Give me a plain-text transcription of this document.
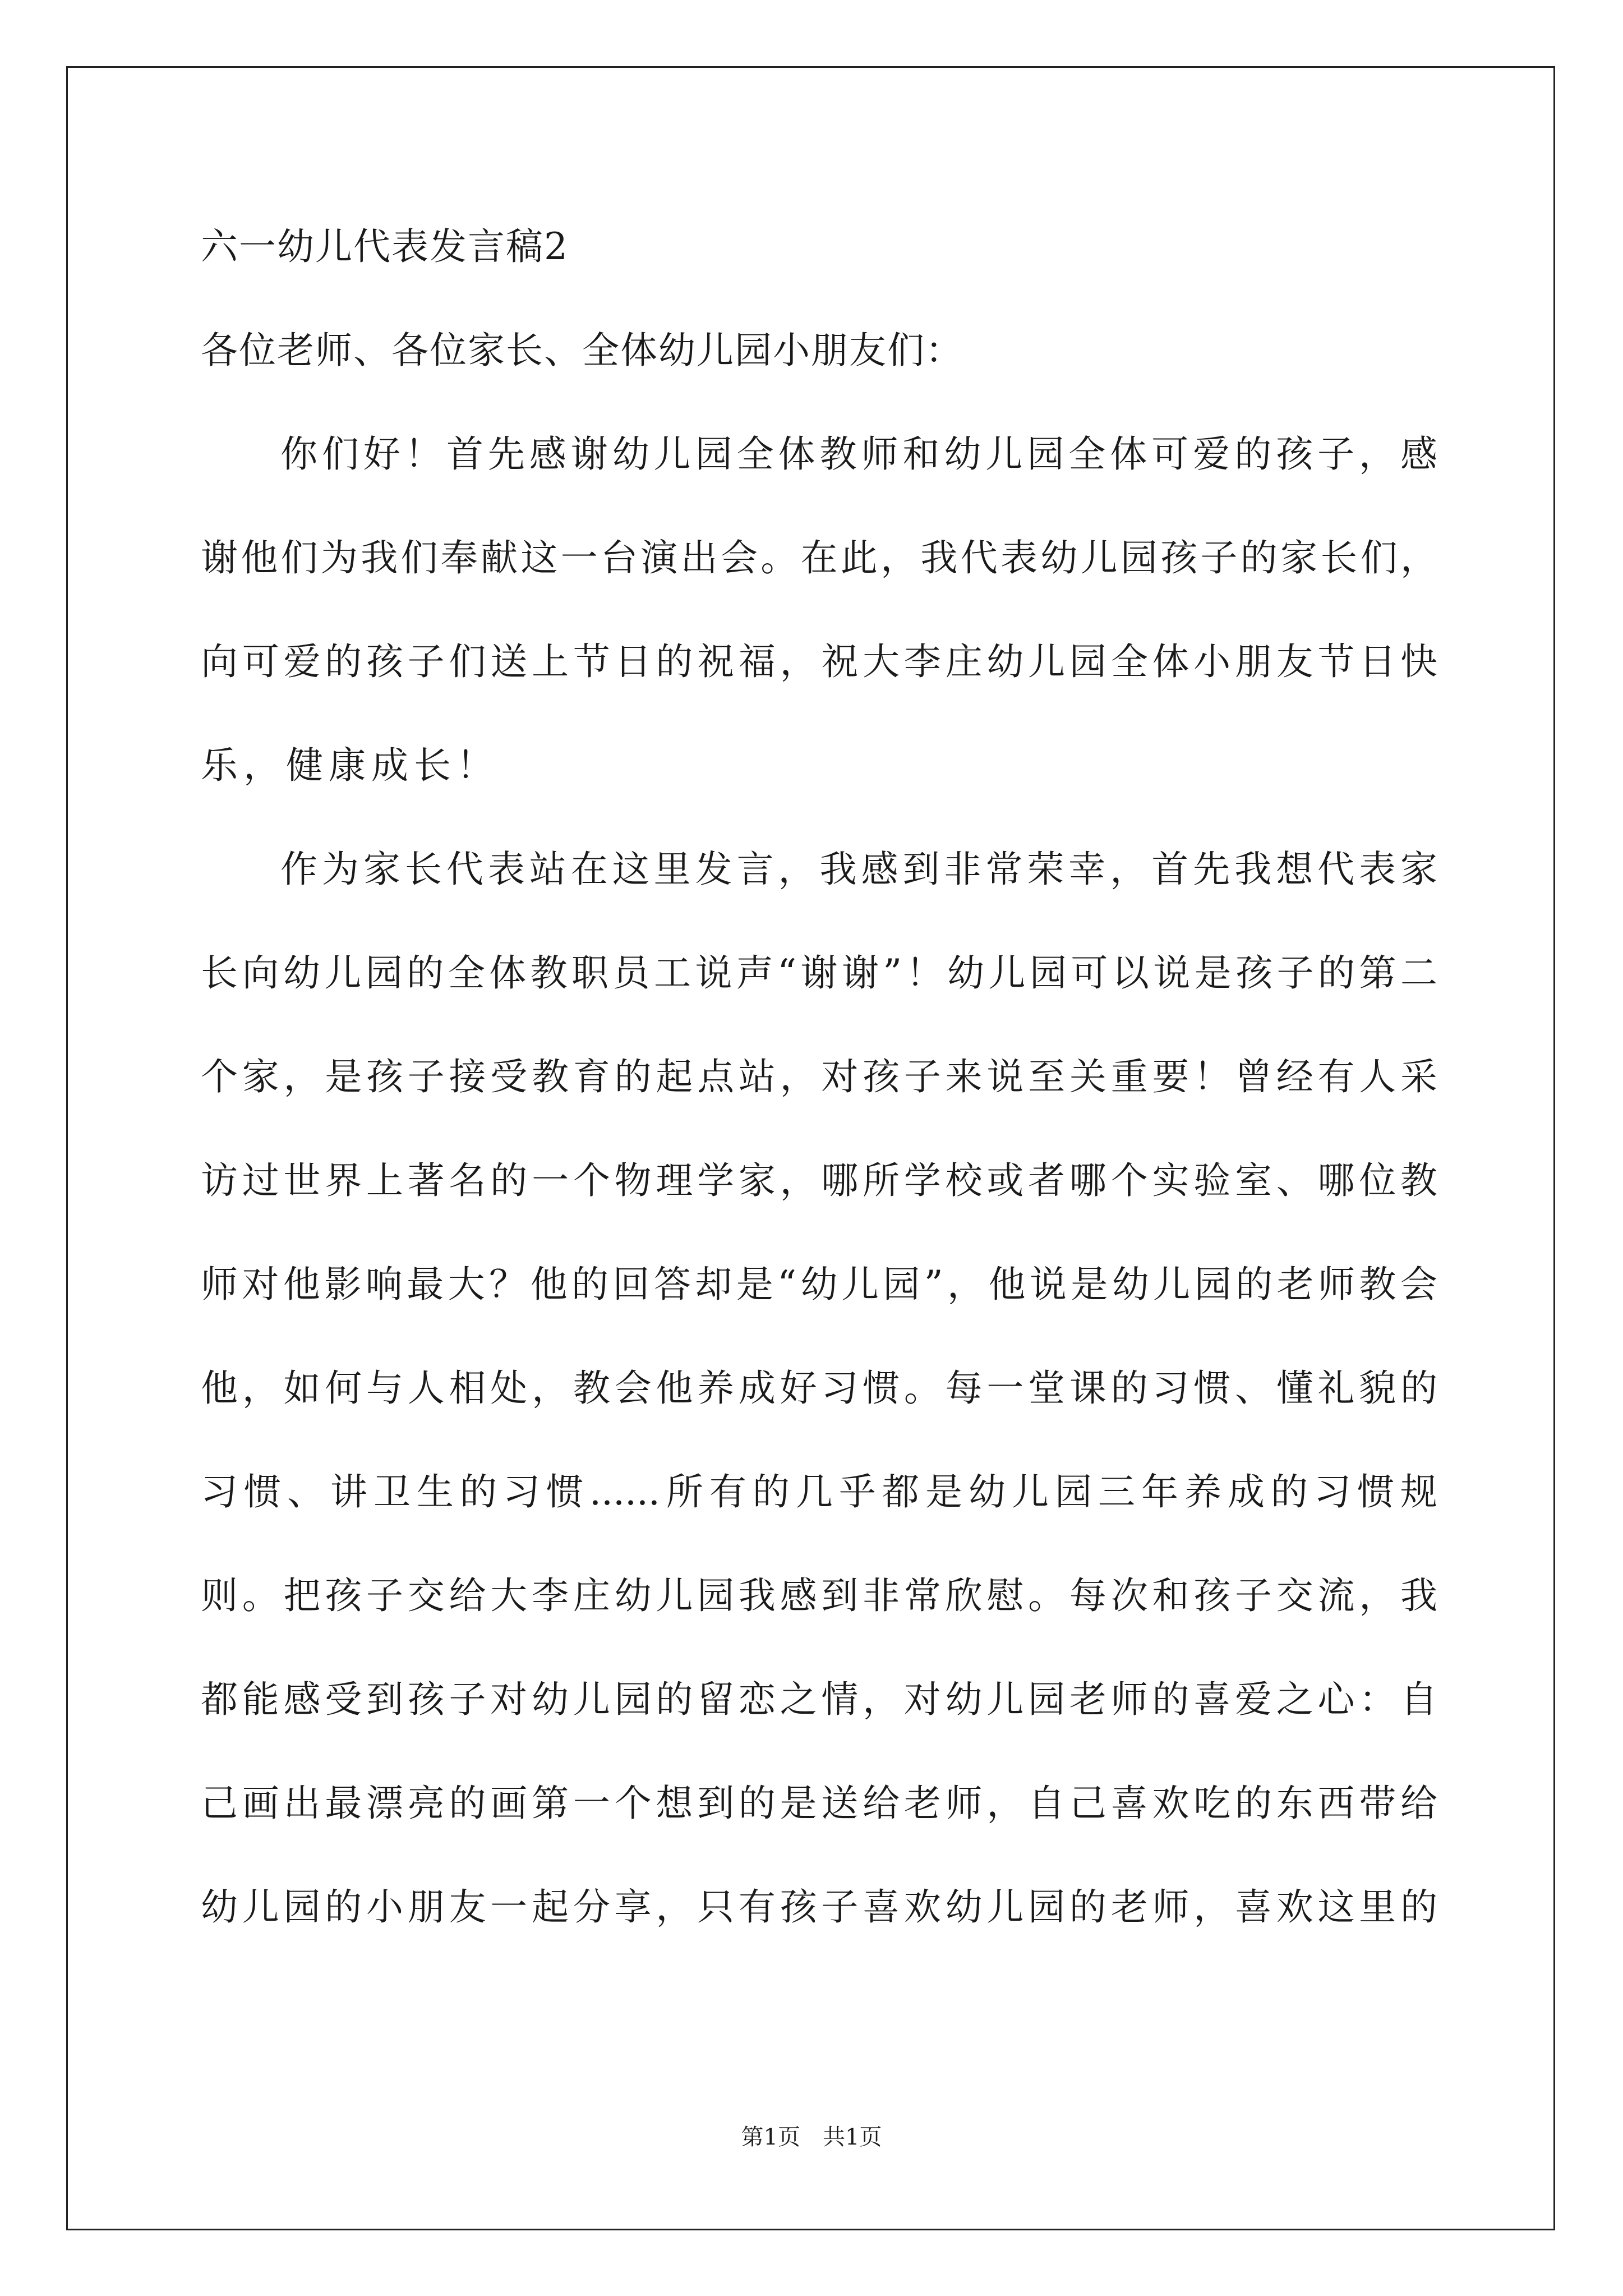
六一幼儿代表发言稿2
各位老师、各位家长、全体幼儿园小朋友们：
你们好！首先感谢幼儿园全体教师和幼儿园全体可爱的孩子，感
谢他们为我们奉献这一台演出会。在此，我代表幼儿园孩子的家长们，
向可爱的孩子们送上节日的祝福，祝大李庄幼儿园全体小朋友节日快
乐，健康成长！
作为家长代表站在这里发言，我感到非常荣幸，首先我想代表家
长向幼儿园的全体教职员工说声“谢谢”！幼儿园可以说是孩子的第二
个家，是孩子接受教育的起点站，对孩子来说至关重要！曾经有人采
访过世界上著名的一个物理学家，哪所学校或者哪个实验室、哪位教
师对他影响最大？他的回答却是“幼儿园”，他说是幼儿园的老师教会
他，如何与人相处，教会他养成好习惯。每一堂课的习惯、懂礼貌的
习惯、讲卫生的习惯......所有的几乎都是幼儿园三年养成的习惯规
则。把孩子交给大李庄幼儿园我感到非常欣慰。每次和孩子交流，我
都能感受到孩子对幼儿园的留恋之情，对幼儿园老师的喜爱之心：自
己画出最漂亮的画第一个想到的是送给老师，自己喜欢吃的东西带给
幼儿园的小朋友一起分享，只有孩子喜欢幼儿园的老师，喜欢这里的
第1页　共1页
